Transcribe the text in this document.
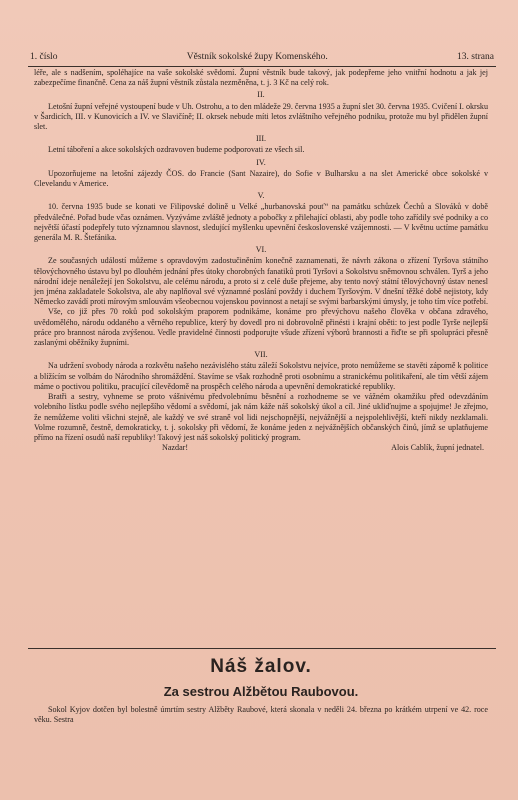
1. číslo	Věstník sokolské župy Komenského.	13. strana

léře, ale s nadšením, spoléhajíce na vaše sokolské svědomí. Župní věstník bude takový, jak podepřeme jeho vnitřní hodnotu a jak jej zabezpečíme finančně. Cena za náš župní věstník zůstala nezměněna, t. j. 3 Kč na celý rok.

II.

Letošní župní veřejné vystoupení bude v Uh. Ostrohu, a to den mládeže 29. června 1935 a župní slet 30. června 1935. Cvičení I. okrsku v Šardicích, III. v Kunovicích a IV. ve Slavičíně; II. okrsek nebude míti letos zvláštního veřejného podniku, protože mu byl přidělen župní slet.

III.

Letní táboření a akce sokolských ozdravoven budeme podporovati ze všech sil.

IV.

Upozorňujeme na letošní zájezdy ČOS. do Francie (Sant Nazaire), do Sofie v Bulharsku a na slet Americké obce sokolské v Clevelandu v Americe.

V.

10. června 1935 bude se konati ve Filipovské dolině u Velké „hurbanovská pouť“ na památku schůzek Čechů a Slováků v době předválečné. Pořad bude včas oznámen. Vyzýváme zvláště jednoty a pobočky z přilehající oblasti, aby podle toho zařídily své podniky a co největší účastí podepřely tuto významnou slavnost, sledující myšlenku upevnění československé vzájemnosti. — V květnu uctíme památku generála M. R. Štefánika.

VI.

Ze současných událostí můžeme s opravdovým zadostučiněním konečně zaznamenati, že návrh zákona o zřízení Tyršova státního tělovýchovného ústavu byl po dlouhém jednání přes útoky chorobných fanatiků proti Tyršovi a Sokolstvu sněmovnou schválen. Tyrš a jeho národní ideje nenáležejí jen Sokolstvu, ale celému národu, a proto si z celé duše přejeme, aby tento nový státní tělovýchovný ústav nenesl jen jména zakladatele Sokolstva, ale aby naplňoval své významné poslání povždy i duchem Tyršovým. V dnešní těžké době nejistoty, kdy Německo zavádí proti mírovým smlouvám všeobecnou vojenskou povinnost a netají se svými barbarskými úmysly, je toho tím více potřebí.

Vše, co již přes 70 roků pod sokolským praporem podnikáme, konáme pro převýchovu našeho člověka v občana zdravého, uvědomělého, národu oddaného a věrného republice, který by dovedl pro ni dobrovolně přinésti i krajní oběti: to jest podle Tyrše nejlepší práce pro brannost národa zvýšenou. Vedle pravidelné činnosti podporujte všude zřízení výborů brannosti a řiďte se při spolupráci přesně zaslanými oběžníky župními.

VII.

Na udržení svobody národa a rozkvětu našeho nezávislého státu záleží Sokolstvu nejvíce, proto nemůžeme se stavěti záporně k politice a blížícím se volbám do Národního shromáždění. Stavíme se však rozhodně proti osobnímu a stranickému politikaření, ale tím větší zájem máme o poctivou politiku, pracující cílevědomě na prospěch celého národa a upevnění demokratické republiky.

Bratři a sestry, vyhneme se proto vášnivému předvolebnímu běsnění a rozhodneme se ve vážném okamžiku před odevzdáním volebního lístku podle svého nejlepšího vědomí a svědomí, jak nám káže náš sokolský úkol a cíl. Jiné ukliďnujme a spojujme! Je zřejmo, že nemůžeme voliti všichni stejně, ale každý ve své straně vol lidi nejschopnější, nejvážnější a nejspolehlivější, kteří nikdy nezklamali. Volme rozumně, čestně, demokraticky, t. j. sokolsky při vědomí, že konáme jeden z nejvážnějších občanských činů, jímž se uplatňujeme přímo na řízení osudů naší republiky! Takový jest náš sokolský politický program.

Nazdar!	Alois Cablík, župní jednatel.
Náš žalov.
Za sestrou Alžbětou Raubovou.

Sokol Kyjov dotčen byl bolestně úmrtím sestry Alžběty Raubové, která skonala v neděli 24. března po krátkém utrpení ve 42. roce věku. Sestra
